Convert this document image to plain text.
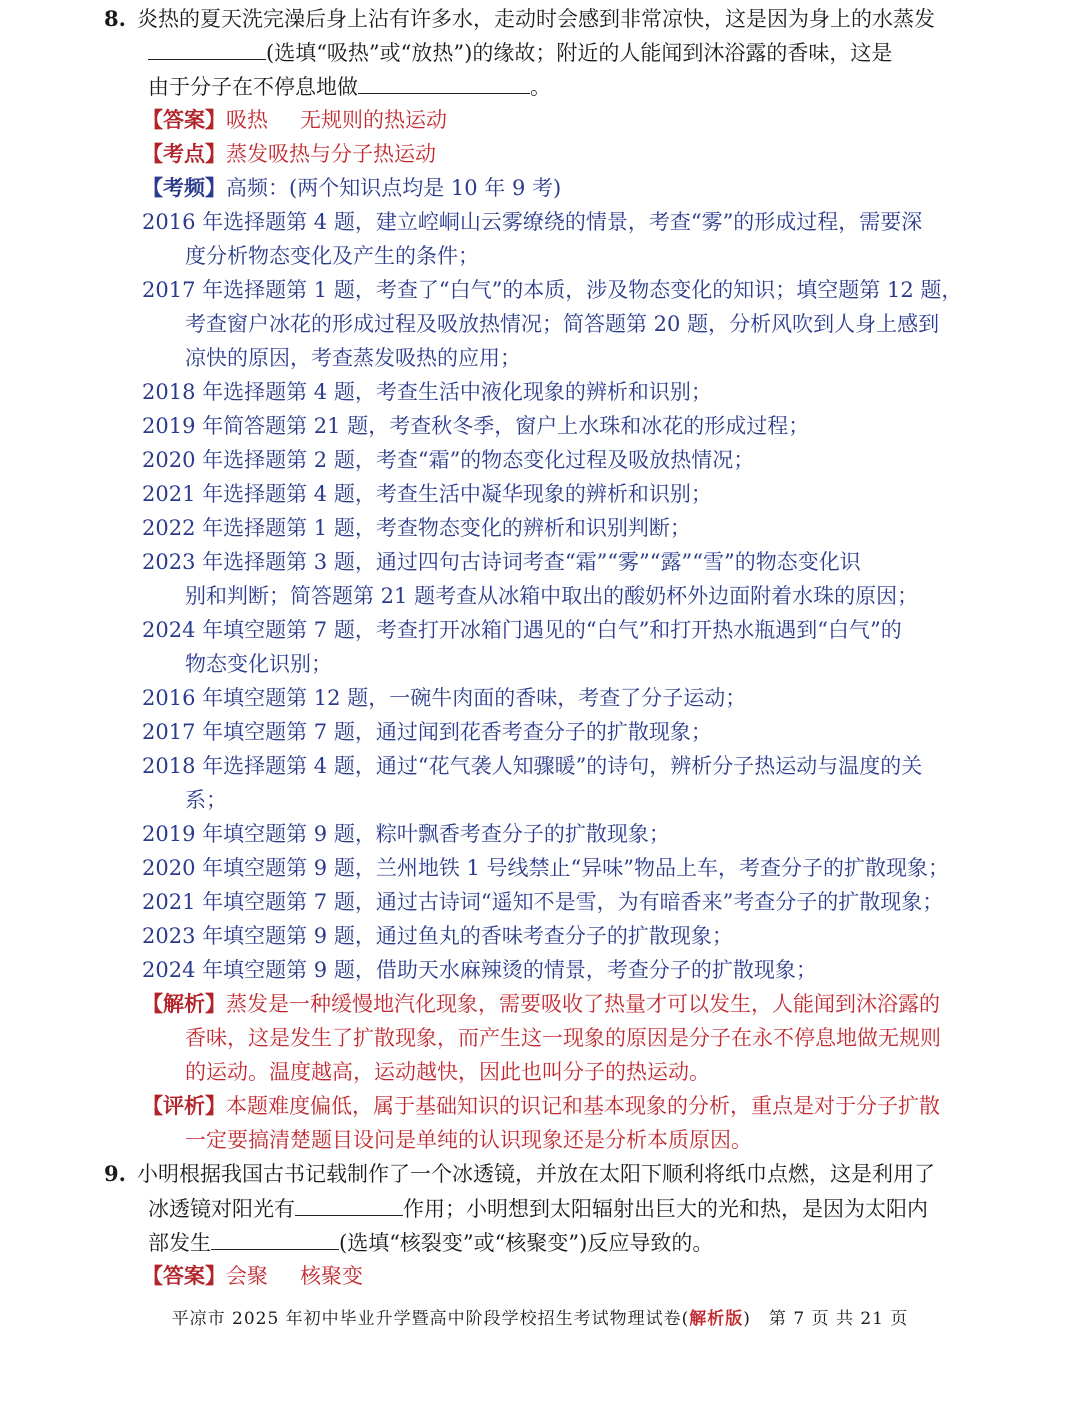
8. 炎热的夏天洗完澡后身上沾有许多水，走动时会感到非常凉快，这是因为身上的水蒸发
(选填“吸热”或“放热”)的缘故；附近的人能闻到沐浴露的香味，这是
由于分子在不停息地做	。
【答案】吸热 无规则的热运动
【考点】蒸发吸热与分子热运动
【考频】高频：(两个知识点均是 10 年 9 考)
2016 年选择题第 4 题，建立崆峒山云雾缭绕的情景，考查“雾”的形成过程，需要深
度分析物态变化及产生的条件；
2017 年选择题第 1 题，考查了“白气”的本质，涉及物态变化的知识；填空题第 12 题，
考查窗户冰花的形成过程及吸放热情况；简答题第 20 题，分析风吹到人身上感到
凉快的原因，考查蒸发吸热的应用；
2018 年选择题第 4 题，考查生活中液化现象的辨析和识别；
2019 年简答题第 21 题，考查秋冬季，窗户上水珠和冰花的形成过程；
2020 年选择题第 2 题，考查“霜”的物态变化过程及吸放热情况；
2021 年选择题第 4 题，考查生活中凝华现象的辨析和识别；
2022 年选择题第 1 题，考查物态变化的辨析和识别判断；
2023 年选择题第 3 题，通过四句古诗词考查“霜”“雾”“露”“雪”的物态变化识
别和判断；简答题第 21 题考查从冰箱中取出的酸奶杯外边面附着水珠的原因；
2024 年填空题第 7 题，考查打开冰箱门遇见的“白气”和打开热水瓶遇到“白气”的
物态变化识别；
2016 年填空题第 12 题，一碗牛肉面的香味，考查了分子运动；
2017 年填空题第 7 题，通过闻到花香考查分子的扩散现象；
2018 年选择题第 4 题，通过“花气袭人知骤暖”的诗句，辨析分子热运动与温度的关
系；
2019 年填空题第 9 题，粽叶飘香考查分子的扩散现象；
2020 年填空题第 9 题，兰州地铁 1 号线禁止“异味”物品上车，考查分子的扩散现象；
2021 年填空题第 7 题，通过古诗词“遥知不是雪，为有暗香来”考查分子的扩散现象；
2023 年填空题第 9 题，通过鱼丸的香味考查分子的扩散现象；
2024 年填空题第 9 题，借助天水麻辣烫的情景，考查分子的扩散现象；
【解析】蒸发是一种缓慢地汽化现象，需要吸收了热量才可以发生，人能闻到沐浴露的
香味，这是发生了扩散现象，而产生这一现象的原因是分子在永不停息地做无规则
的运动。温度越高，运动越快，因此也叫分子的热运动。
【评析】本题难度偏低，属于基础知识的识记和基本现象的分析，重点是对于分子扩散
一定要搞清楚题目设问是单纯的认识现象还是分析本质原因。
9. 小明根据我国古书记载制作了一个冰透镜，并放在太阳下顺利将纸巾点燃，这是利用了
冰透镜对阳光有	作用；小明想到太阳辐射出巨大的光和热，是因为太阳内
部发生	(选填“核裂变”或“核聚变”)反应导致的。
【答案】会聚 核聚变
平凉市 2025 年初中毕业升学暨高中阶段学校招生考试物理试卷(解析版)　第 7 页 共 21 页
